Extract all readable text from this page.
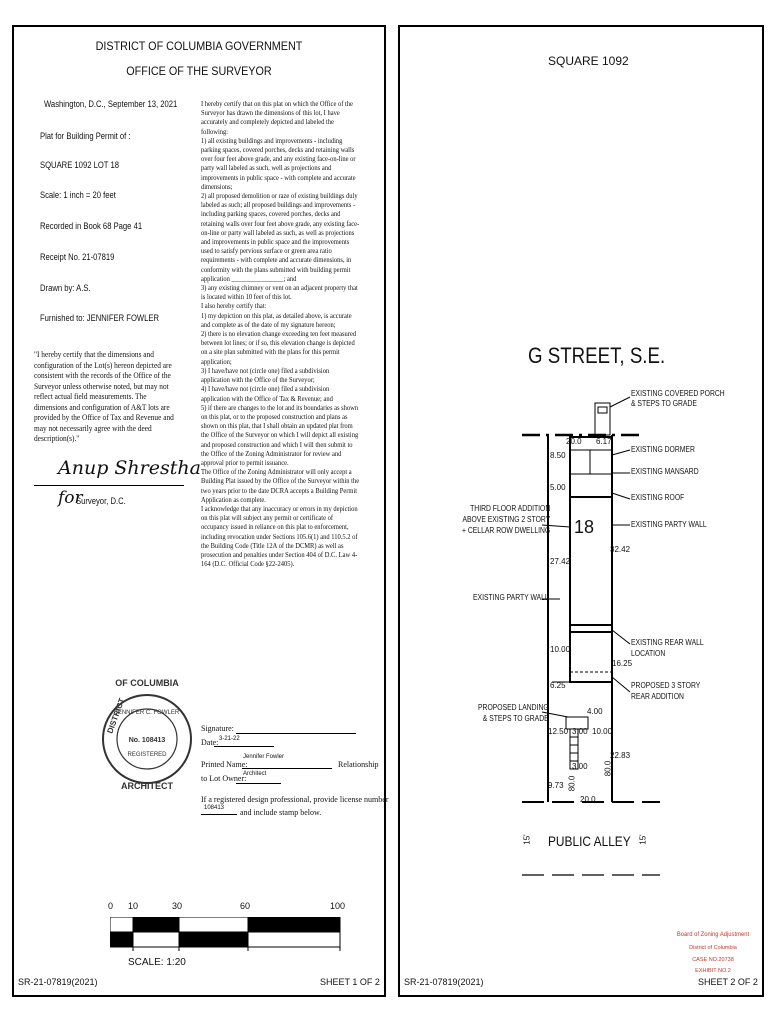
DISTRICT OF COLUMBIA GOVERNMENT
OFFICE OF THE SURVEYOR
Washington, D.C., September 13, 2021
Plat for Building Permit of :
SQUARE 1092 LOT 18
Scale: 1 inch = 20 feet
Recorded in Book 68 Page 41
Receipt No. 21-07819
Drawn by: A.S.
Furnished to: JENNIFER FOWLER
"I hereby certify that the dimensions and configuration of the Lot(s) hereon depicted are consistent with the records of the Office of the Surveyor unless otherwise noted, but may not reflect actual field measurements. The dimensions and configuration of A&T lots are provided by the Office of Tax and Revenue and may not necessarily agree with the deed description(s)."
Anup Shrestha
for
Surveyor, D.C.

I hereby certify that on this plat on which the Office of the Surveyor has drawn the dimensions of this lot, I have accurately and completely depicted and labeled the following:

1) all existing buildings and improvements - including parking spaces, covered porches, decks and retaining walls over four feet above grade, and any existing face-on-line or party wall labeled as such, well as projections and improvements in public space - with complete and accurate dimensions;

2) all proposed demolition or raze of existing buildings duly labeled as such; all proposed buildings and improvements - including parking spaces, covered porches, decks and retaining walls over four feet above grade, any existing face-on-line or party wall labeled as such, as well as projections and improvements in public space and the improvements used to satisfy pervious surface or green area ratio requirements - with complete and accurate dimensions, in conformity with the plans submitted with building permit application ________________; and

3) any existing chimney or vent on an adjacent property that is located within 10 feet of this lot.

I also hereby certify that:

1) my depiction on this plat, as detailed above, is accurate and complete as of the date of my signature hereon;

2) there is no elevation change exceeding ten feet measured between lot lines; or if so, this elevation change is depicted on a site plan submitted with the plans for this permit application;

3) I have/have not (circle one) filed a subdivision application with the Office of the Surveyor;

4) I have/have not (circle one) filed a subdivision application with the Office of Tax & Revenue; and

5) if there are changes to the lot and its boundaries as shown on this plat, or to the proposed construction and plans as shown on this plat, that I shall obtain an updated plat from the Office of the Surveyor on which I will depict all existing and proposed construction and which I will then submit to the Office of the Zoning Administrator for review and approval prior to permit issuance.

The Office of the Zoning Administrator will only accept a Building Plat issued by the Office of the Surveyor within the two years prior to the date DCRA accepts a Building Permit Application as complete.

I acknowledge that any inaccuracy or errors in my depiction on this plat will subject any permit or certificate of occupancy issued in reliance on this plat to enforcement, including revocation under Sections 105.6(1) and 110.5.2 of the Building Code (Title 12A of the DCMR) as well as prosecution and penalties under Section 404 of D.C. Law 4-164 (D.C. Official Code §22-2405).

Signature:
Date: 3-21-22
Printed Name:
Jennifer Fowler
Relationship
to Lot Owner:
Architect
If a registered design professional, provide license number
108413 and include stamp below.
OF COLUMBIA
DISTRICT
No. 108413
REGISTERED
ARCHITECT
JENNIFER C. FOWLER
0 10	30	60	100
SCALE: 1:20
SR-21-07819(2021)	SHEET 1 OF 2
SQUARE 1092
G STREET, S.E.
18
EXISTING COVERED PORCH
& STEPS TO GRADE
EXISTING DORMER
EXISTING MANSARD
EXISTING ROOF
EXISTING PARTY WALL
THIRD FLOOR ADDITION
ABOVE EXISTING 2 STORY
+ CELLAR ROW DWELLING
EXISTING PARTY WALL
EXISTING REAR WALL
LOCATION
PROPOSED 3 STORY
REAR ADDITION
PROPOSED LANDING
& STEPS TO GRADE
20.0 6.17
8.50
5.00
27.42
32.42
10.00
16.25
6.25
4.00
12.50 3.00
3.00
10.00
22.83
9.73 80.0
80.0
20.0
15'	15'
PUBLIC ALLEY
Board of Zoning Adjustment
District of Columbia
CASE NO.20738
EXHIBIT NO.2
SR-21-07819(2021)	SHEET 2 OF 2
